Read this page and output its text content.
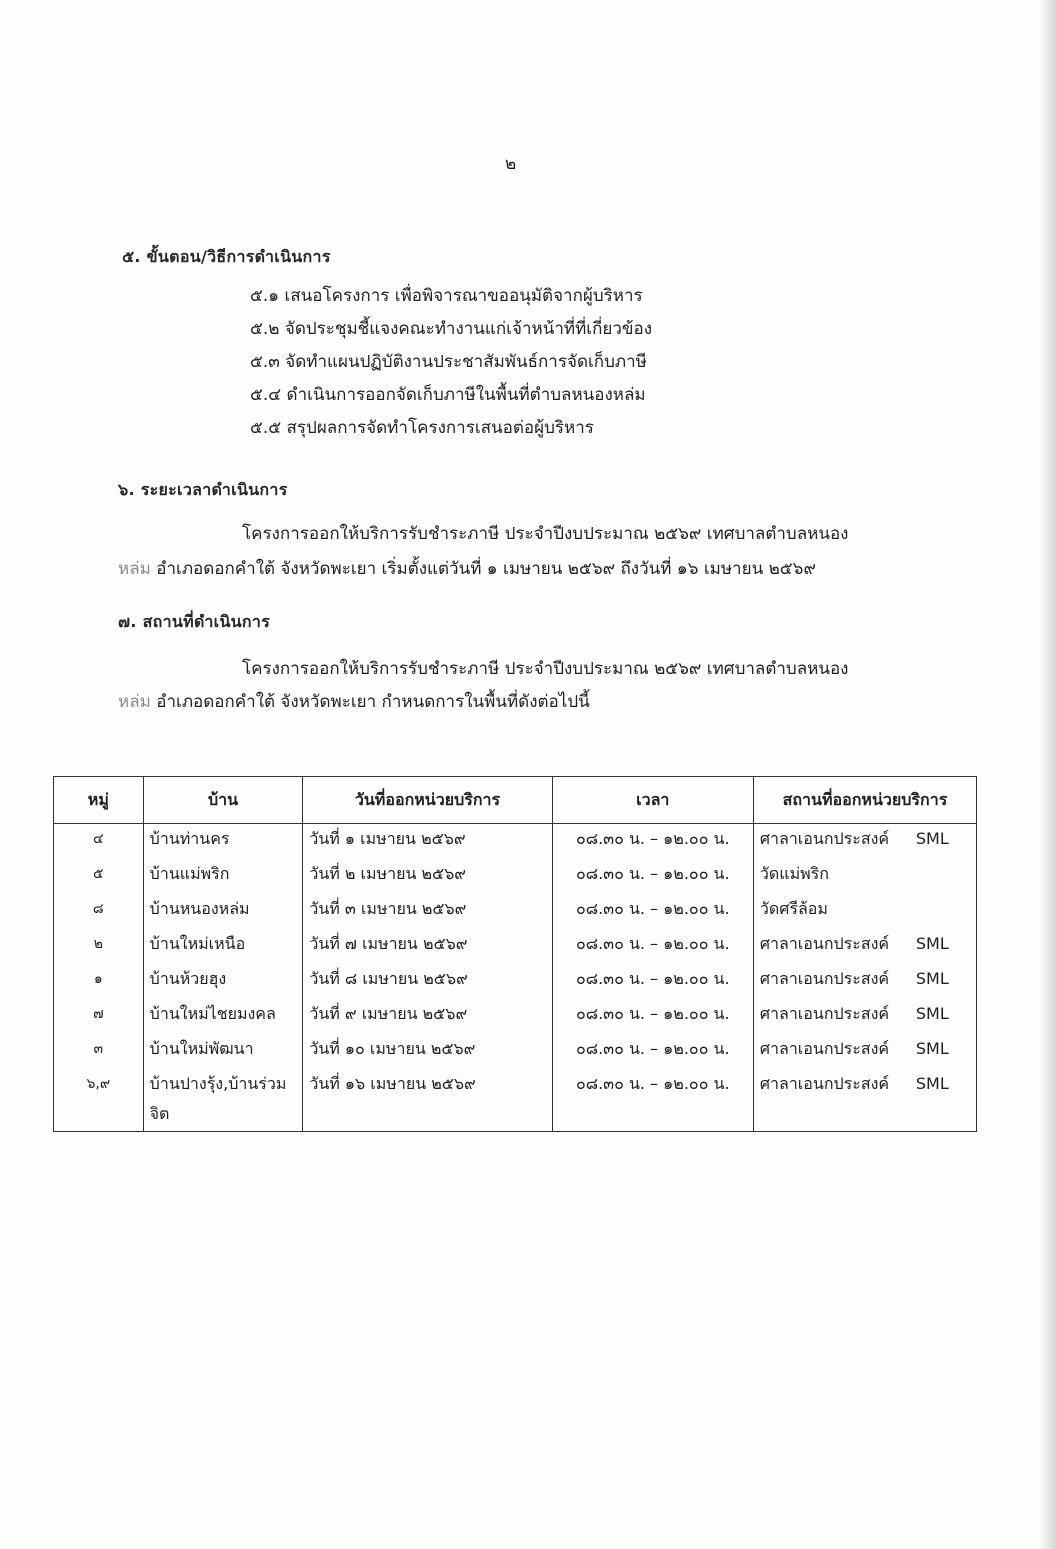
๒
๕. ขั้นตอน/วิธีการดำเนินการ
๕.๑ เสนอโครงการ เพื่อพิจารณาขออนุมัติจากผู้บริหาร
๕.๒ จัดประชุมชี้แจงคณะทำงานแก่เจ้าหน้าที่ที่เกี่ยวข้อง
๕.๓ จัดทำแผนปฏิบัติงานประชาสัมพันธ์การจัดเก็บภาษี
๕.๔ ดำเนินการออกจัดเก็บภาษีในพื้นที่ตำบลหนองหล่ม
๕.๕ สรุปผลการจัดทำโครงการเสนอต่อผู้บริหาร
๖. ระยะเวลาดำเนินการ
โครงการออกให้บริการรับชำระภาษี ประจำปีงบประมาณ ๒๕๖๙ เทศบาลตำบลหนอง
หล่ม อำเภอดอกคำใต้ จังหวัดพะเยา เริ่มตั้งแต่วันที่ ๑ เมษายน ๒๕๖๙ ถึงวันที่ ๑๖ เมษายน ๒๕๖๙
๗. สถานที่ดำเนินการ
โครงการออกให้บริการรับชำระภาษี ประจำปีงบประมาณ ๒๕๖๙ เทศบาลตำบลหนอง
หล่ม อำเภอดอกคำใต้ จังหวัดพะเยา กำหนดการในพื้นที่ดังต่อไปนี้
หมู่	บ้าน	วันที่ออกหน่วยบริการ	เวลา	สถานที่ออกหน่วยบริการ
๔	บ้านท่านคร	วันที่ ๑ เมษายน ๒๕๖๙	๐๘.๓๐ น. – ๑๒.๐๐ น.	ศาลาเอนกประสงค์ SML
๕	บ้านแม่พริก	วันที่ ๒ เมษายน ๒๕๖๙	๐๘.๓๐ น. – ๑๒.๐๐ น.	วัดแม่พริก
๘	บ้านหนองหล่ม	วันที่ ๓ เมษายน ๒๕๖๙	๐๘.๓๐ น. – ๑๒.๐๐ น.	วัดศรีล้อม
๒	บ้านใหม่เหนือ	วันที่ ๗ เมษายน ๒๕๖๙	๐๘.๓๐ น. – ๑๒.๐๐ น.	ศาลาเอนกประสงค์ SML
๑	บ้านห้วยฮุง	วันที่ ๘ เมษายน ๒๕๖๙	๐๘.๓๐ น. – ๑๒.๐๐ น.	ศาลาเอนกประสงค์ SML
๗	บ้านใหม่ไชยมงคล	วันที่ ๙ เมษายน ๒๕๖๙	๐๘.๓๐ น. – ๑๒.๐๐ น.	ศาลาเอนกประสงค์ SML
๓	บ้านใหม่พัฒนา	วันที่ ๑๐ เมษายน ๒๕๖๙	๐๘.๓๐ น. – ๑๒.๐๐ น.	ศาลาเอนกประสงค์ SML
๖,๙	บ้านปางรุ้ง,บ้านร่วมจิต	วันที่ ๑๖ เมษายน ๒๕๖๙	๐๘.๓๐ น. – ๑๒.๐๐ น.	ศาลาเอนกประสงค์ SML
